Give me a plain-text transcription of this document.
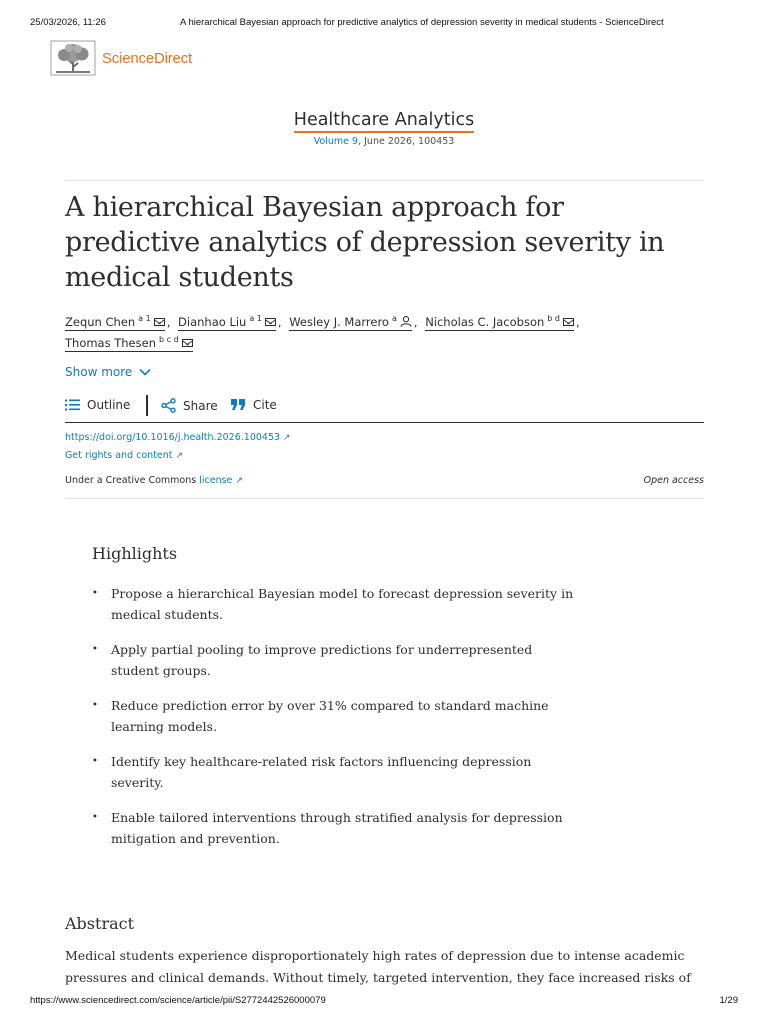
25/03/2026, 11:26	A hierarchical Bayesian approach for predictive analytics of depression severity in medical students - ScienceDirect
ScienceDirect
Healthcare Analytics
Volume 9, June 2026, 100453
A hierarchical Bayesian approach for predictive analytics of depression severity in medical students
Zequn Chen $^{a 1}$ , Dianhao Liu $^{a 1}$ , Wesley J. Marrero $^a$ , Nicholas C. Jacobson $^{b d}$ ,
Thomas Thesen $^{b c d}$
Show more
Outline	Share	Cite
https://doi.org/10.1016/j.health.2026.100453 ↗
Get rights and content ↗
Under a Creative Commons license ↗	Open access
Highlights
• Propose a hierarchical Bayesian model to forecast depression severity in medical students.
• Apply partial pooling to improve predictions for underrepresented student groups.
• Reduce prediction error by over 31% compared to standard machine learning models.
• Identify key healthcare-related risk factors influencing depression severity.
• Enable tailored interventions through stratified analysis for depression mitigation and prevention.
Abstract

Medical students experience disproportionately high rates of depression due to intense academic pressures and clinical demands. Without timely, targeted intervention, they face increased risks of

https://www.sciencedirect.com/science/article/pii/S2772442526000079	1/29
